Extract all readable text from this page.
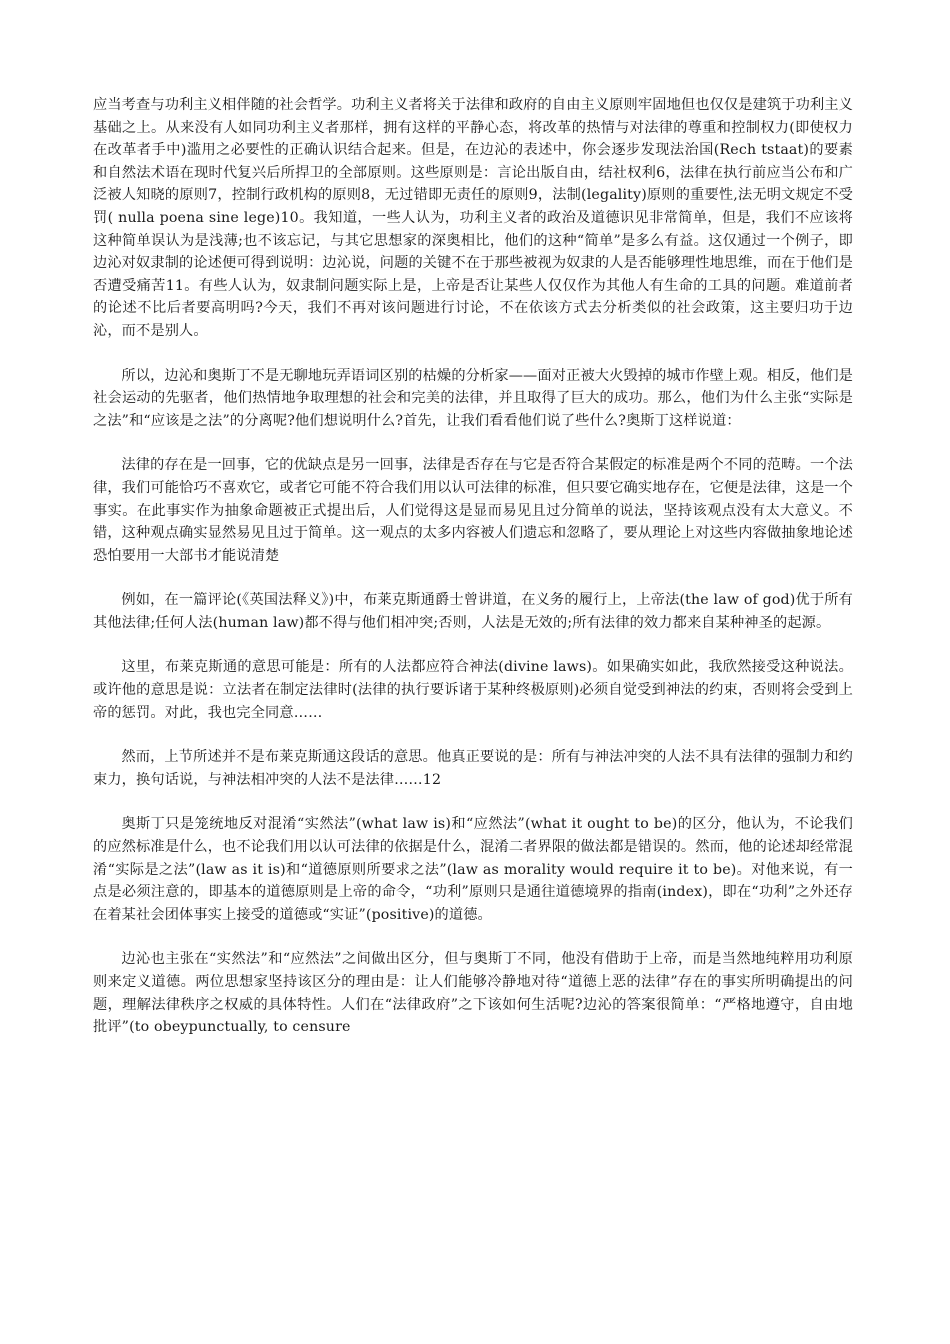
应当考查与功利主义相伴随的社会哲学。功利主义者将关于法律和政府的自由主义原则牢固地但也仅仅是建筑于功利主义基础之上。从来没有人如同功利主义者那样，拥有这样的平静心态，将改革的热情与对法律的尊重和控制权力(即使权力在改革者手中)滥用之必要性的正确认识结合起来。但是，在边沁的表述中，你会逐步发现法治国(Rech tstaat)的要素和自然法术语在现时代复兴后所捍卫的全部原则。这些原则是：言论出版自由，结社权利6，法律在执行前应当公布和广泛被人知晓的原则7，控制行政机构的原则8，无过错即无责任的原则9，法制(legality)原则的重要性,法无明文规定不受罚( nulla poena sine lege)10。我知道，一些人认为，功利主义者的政治及道德识见非常简单，但是，我们不应该将这种简单误认为是浅薄;也不该忘记，与其它思想家的深奥相比，他们的这种“简单”是多么有益。这仅通过一个例子，即边沁对奴隶制的论述便可得到说明：边沁说，问题的关键不在于那些被视为奴隶的人是否能够理性地思维，而在于他们是否遭受痛苦11。有些人认为，奴隶制问题实际上是，上帝是否让某些人仅仅作为其他人有生命的工具的问题。难道前者的论述不比后者要高明吗?今天，我们不再对该问题进行讨论，不在依该方式去分析类似的社会政策，这主要归功于边沁，而不是别人。

所以，边沁和奥斯丁不是无聊地玩弄语词区别的枯燥的分析家——面对正被大火毁掉的城市作壁上观。相反，他们是社会运动的先驱者，他们热情地争取理想的社会和完美的法律，并且取得了巨大的成功。那么，他们为什么主张“实际是之法”和“应该是之法”的分离呢?他们想说明什么?首先，让我们看看他们说了些什么?奥斯丁这样说道：

法律的存在是一回事，它的优缺点是另一回事，法律是否存在与它是否符合某假定的标准是两个不同的范畴。一个法律，我们可能恰巧不喜欢它，或者它可能不符合我们用以认可法律的标准，但只要它确实地存在，它便是法律，这是一个事实。在此事实作为抽象命题被正式提出后，人们觉得这是显而易见且过分简单的说法，坚持该观点没有太大意义。不错，这种观点确实显然易见且过于简单。这一观点的太多内容被人们遗忘和忽略了，要从理论上对这些内容做抽象地论述恐怕要用一大部书才能说清楚

例如，在一篇评论(《英国法释义》)中，布莱克斯通爵士曾讲道，在义务的履行上，上帝法(the law of god)优于所有其他法律;任何人法(human law)都不得与他们相冲突;否则，人法是无效的;所有法律的效力都来自某种神圣的起源。

这里，布莱克斯通的意思可能是：所有的人法都应符合神法(divine laws)。如果确实如此，我欣然接受这种说法。或许他的意思是说：立法者在制定法律时(法律的执行要诉诸于某种终极原则)必须自觉受到神法的约束，否则将会受到上帝的惩罚。对此，我也完全同意……

然而，上节所述并不是布莱克斯通这段话的意思。他真正要说的是：所有与神法冲突的人法不具有法律的强制力和约束力，换句话说，与神法相冲突的人法不是法律……12

奥斯丁只是笼统地反对混淆“实然法”(what law is)和“应然法”(what it ought to be)的区分，他认为，不论我们的应然标准是什么，也不论我们用以认可法律的依据是什么，混淆二者界限的做法都是错误的。然而，他的论述却经常混淆“实际是之法”(law as it is)和“道德原则所要求之法”(law as morality would require it to be)。对他来说，有一点是必须注意的，即基本的道德原则是上帝的命令，“功利”原则只是通往道德境界的指南(index)，即在“功利”之外还存在着某社会团体事实上接受的道德或“实证”(positive)的道德。

边沁也主张在“实然法”和“应然法”之间做出区分，但与奥斯丁不同，他没有借助于上帝，而是当然地纯粹用功利原则来定义道德。两位思想家坚持该区分的理由是：让人们能够冷静地对待“道德上恶的法律”存在的事实所明确提出的问题，理解法律秩序之权威的具体特性。人们在“法律政府”之下该如何生活呢?边沁的答案很简单：“严格地遵守，自由地批评”(to obeypunctually, to censure
